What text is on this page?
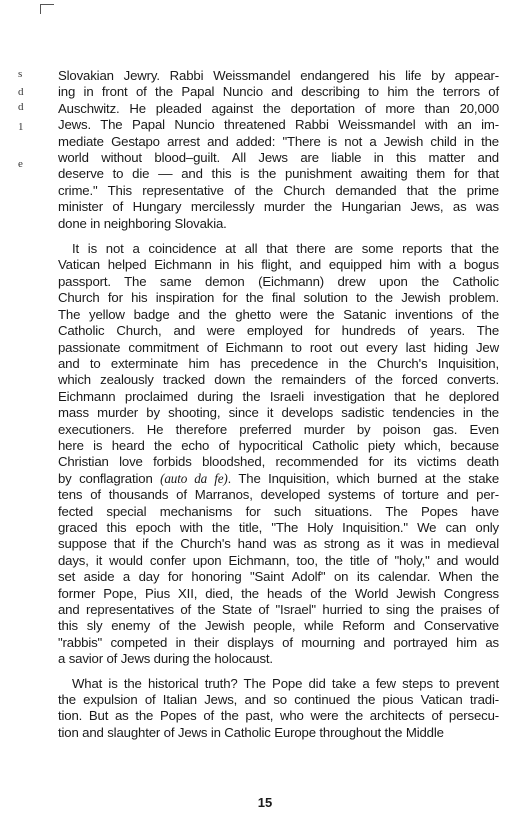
s
d
d
1
e

Slovakian Jewry. Rabbi Weissmandel endangered his life by appear-
ing in front of the Papal Nuncio and describing to him the terrors of
Auschwitz. He pleaded against the deportation of more than 20,000
Jews. The Papal Nuncio threatened Rabbi Weissmandel with an im-
mediate Gestapo arrest and added: "There is not a Jewish child in the
world without blood–guilt. All Jews are liable in this matter and
deserve to die –– and this is the punishment awaiting them for that
crime." This representative of the Church demanded that the prime
minister of Hungary mercilessly murder the Hungarian Jews, as was
done in neighboring Slovakia.

It is not a coincidence at all that there are some reports that the
Vatican helped Eichmann in his flight, and equipped him with a bogus
passport. The same demon (Eichmann) drew upon the Catholic
Church for his inspiration for the final solution to the Jewish problem.
The yellow badge and the ghetto were the Satanic inventions of the
Catholic Church, and were employed for hundreds of years. The
passionate commitment of Eichmann to root out every last hiding Jew
and to exterminate him has precedence in the Church's Inquisition,
which zealously tracked down the remainders of the forced converts.
Eichmann proclaimed during the Israeli investigation that he deplored
mass murder by shooting, since it develops sadistic tendencies in the
executioners. He therefore preferred murder by poison gas. Even
here is heard the echo of hypocritical Catholic piety which, because
Christian love forbids bloodshed, recommended for its victims death
by conflagration (auto da fe). The Inquisition, which burned at the stake
tens of thousands of Marranos, developed systems of torture and per-
fected special mechanisms for such situations. The Popes have
graced this epoch with the title, "The Holy Inquisition." We can only
suppose that if the Church's hand was as strong as it was in medieval
days, it would confer upon Eichmann, too, the title of "holy," and would
set aside a day for honoring "Saint Adolf" on its calendar. When the
former Pope, Pius XII, died, the heads of the World Jewish Congress
and representatives of the State of "Israel" hurried to sing the praises of
this sly enemy of the Jewish people, while Reform and Conservative
"rabbis" competed in their displays of mourning and portrayed him as
a savior of Jews during the holocaust.

What is the historical truth? The Pope did take a few steps to prevent
the expulsion of Italian Jews, and so continued the pious Vatican tradi-
tion. But as the Popes of the past, who were the architects of persecu-
tion and slaughter of Jews in Catholic Europe throughout the Middle

15
